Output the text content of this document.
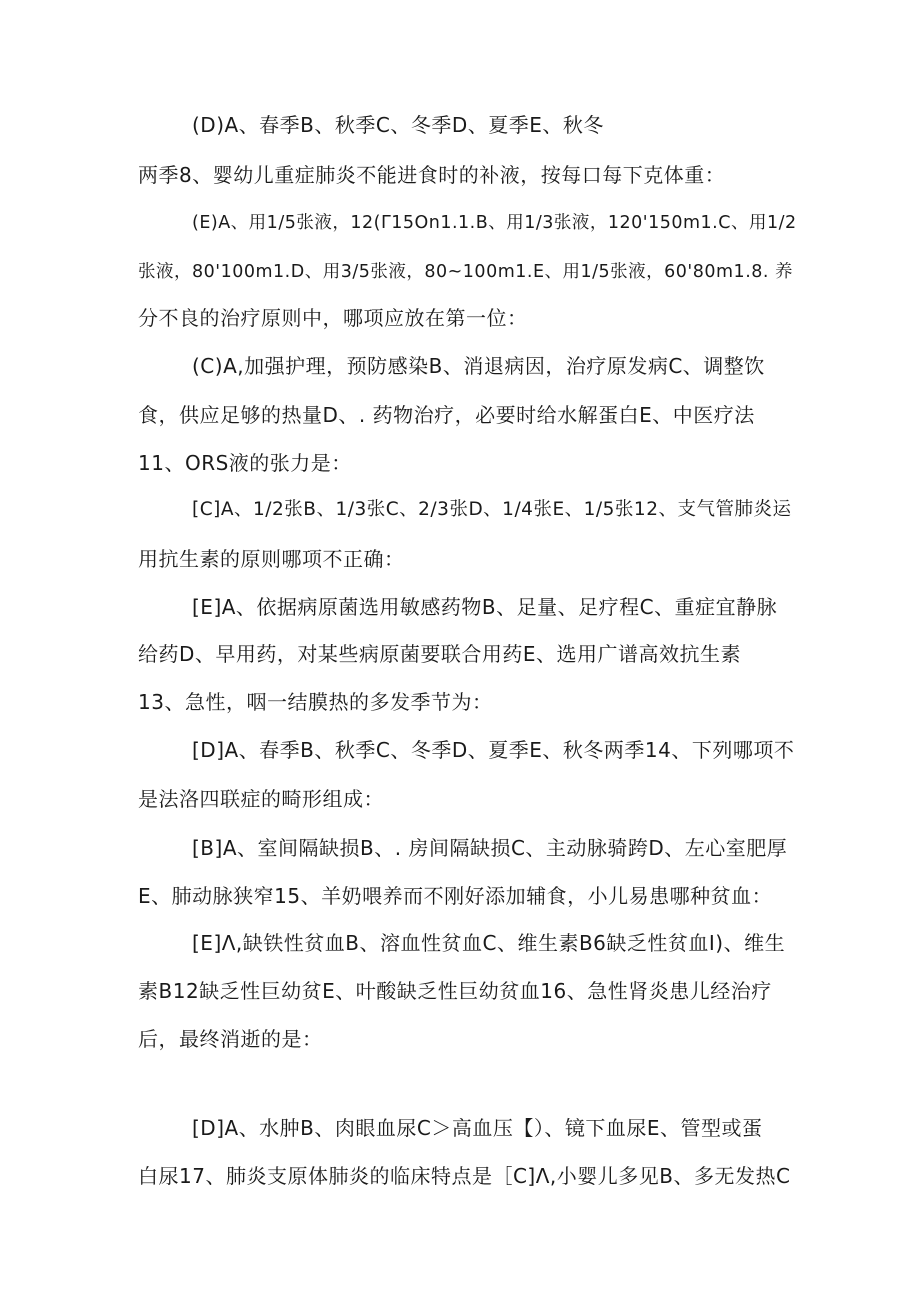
(D)A、春季B、秋季C、冬季D、夏季E、秋冬
两季8、婴幼儿重症肺炎不能进食时的补液，按每口每下克体重：
(E)A、用1/5张液，12(Γ15On1.1.B、用1/3张液，120'150m1.C、用1/2
张液，80'100m1.D、用3/5张液，80~100m1.E、用1/5张液，60'80m1.8. 养
分不良的治疗原则中，哪项应放在第一位：
(C)A,加强护理，预防感染B、消退病因，治疗原发病C、调整饮
食，供应足够的热量D、. 药物治疗，必要时给水解蛋白E、中医疗法
11、ORS液的张力是：
[C]A、1/2张B、1/3张C、2/3张D、1/4张E、1/5张12、支气管肺炎运
用抗生素的原则哪项不正确：
[E]A、依据病原菌选用敏感药物B、足量、足疗程C、重症宜静脉
给药D、早用药，对某些病原菌要联合用药E、选用广谱高效抗生素
13、急性，咽一结膜热的多发季节为：
[D]A、春季B、秋季C、冬季D、夏季E、秋冬两季14、下列哪项不
是法洛四联症的畸形组成：
[B]A、室间隔缺损B、. 房间隔缺损C、主动脉骑跨D、左心室肥厚
E、肺动脉狭窄15、羊奶喂养而不刚好添加辅食，小儿易患哪种贫血：
[E]Λ,缺铁性贫血B、溶血性贫血C、维生素B6缺乏性贫血I)、维生
素B12缺乏性巨幼贫E、叶酸缺乏性巨幼贫血16、急性肾炎患儿经治疗
后，最终消逝的是：
[D]A、水肿B、肉眼血尿C＞高血压【）、镜下血尿E、管型或蛋
白尿17、肺炎支原体肺炎的临床特点是［C]Λ,小婴儿多见B、多无发热C
